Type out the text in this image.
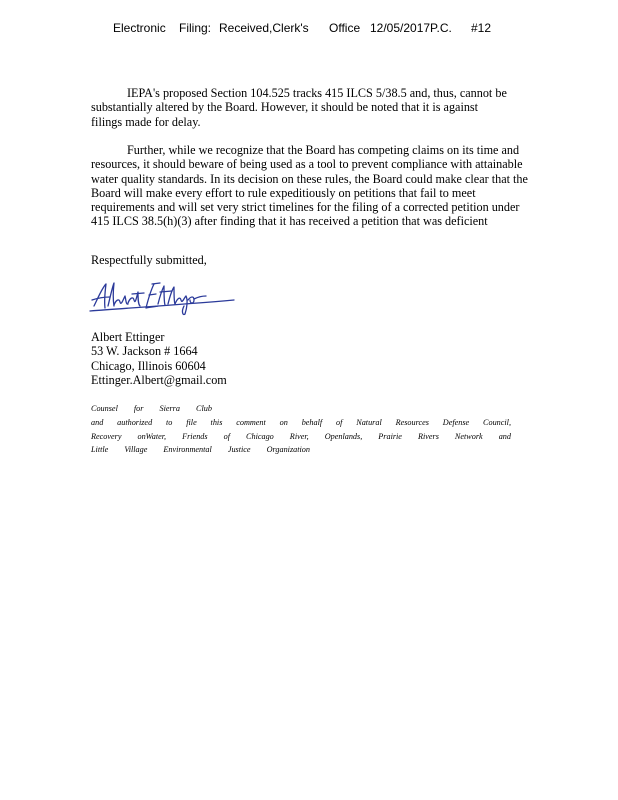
Electronic Filing: Received,Clerk's Office 12/05/2017P.C. #12
IEPA's proposed Section 104.525 tracks 415 ILCS 5/38.5 and, thus, cannot be
substantially altered by the Board. However, it should be noted that it is against
filings made for delay.
Further, while we recognize that the Board has competing claims on its time and
resources, it should beware of being used as a tool to prevent compliance with attainable
water quality standards. In its decision on these rules, the Board could make clear that the
Board will make every effort to rule expeditiously on petitions that fail to meet
requirements and will set very strict timelines for the filing of a corrected petition under
415 ILCS 38.5(h)(3) after finding that it has received a petition that was deficient
Respectfully submitted,
Albert Ettinger
Albert Ettinger
53 W. Jackson # 1664
Chicago, Illinois 60604
Ettinger.Albert@gmail.com
Counsel for Sierra Club
and authorized to file this comment on behalf of Natural Resources Defense Council,
Recovery onWater, Friends of Chicago River, Openlands, Prairie Rivers Network and
Little Village Environmental Justice Organization
